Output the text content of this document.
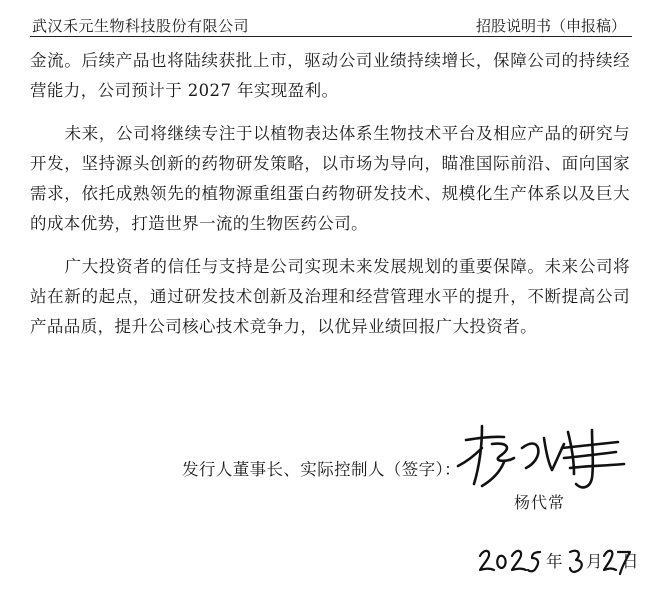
武汉禾元生物科技股份有限公司	招股说明书（申报稿）

金流。后续产品也将陆续获批上市，驱动公司业绩持续增长，保障公司的持续经营能力，公司预计于 2027 年实现盈利。

未来，公司将继续专注于以植物表达体系生物技术平台及相应产品的研究与开发，坚持源头创新的药物研发策略，以市场为导向，瞄准国际前沿、面向国家需求，依托成熟领先的植物源重组蛋白药物研发技术、规模化生产体系以及巨大的成本优势，打造世界一流的生物医药公司。

广大投资者的信任与支持是公司实现未来发展规划的重要保障。未来公司将站在新的起点，通过研发技术创新及治理和经营管理水平的提升，不断提高公司产品品质，提升公司核心技术竞争力，以优异业绩回报广大投资者。

发行人董事长、实际控制人（签字）：
杨代常
年 月 日
